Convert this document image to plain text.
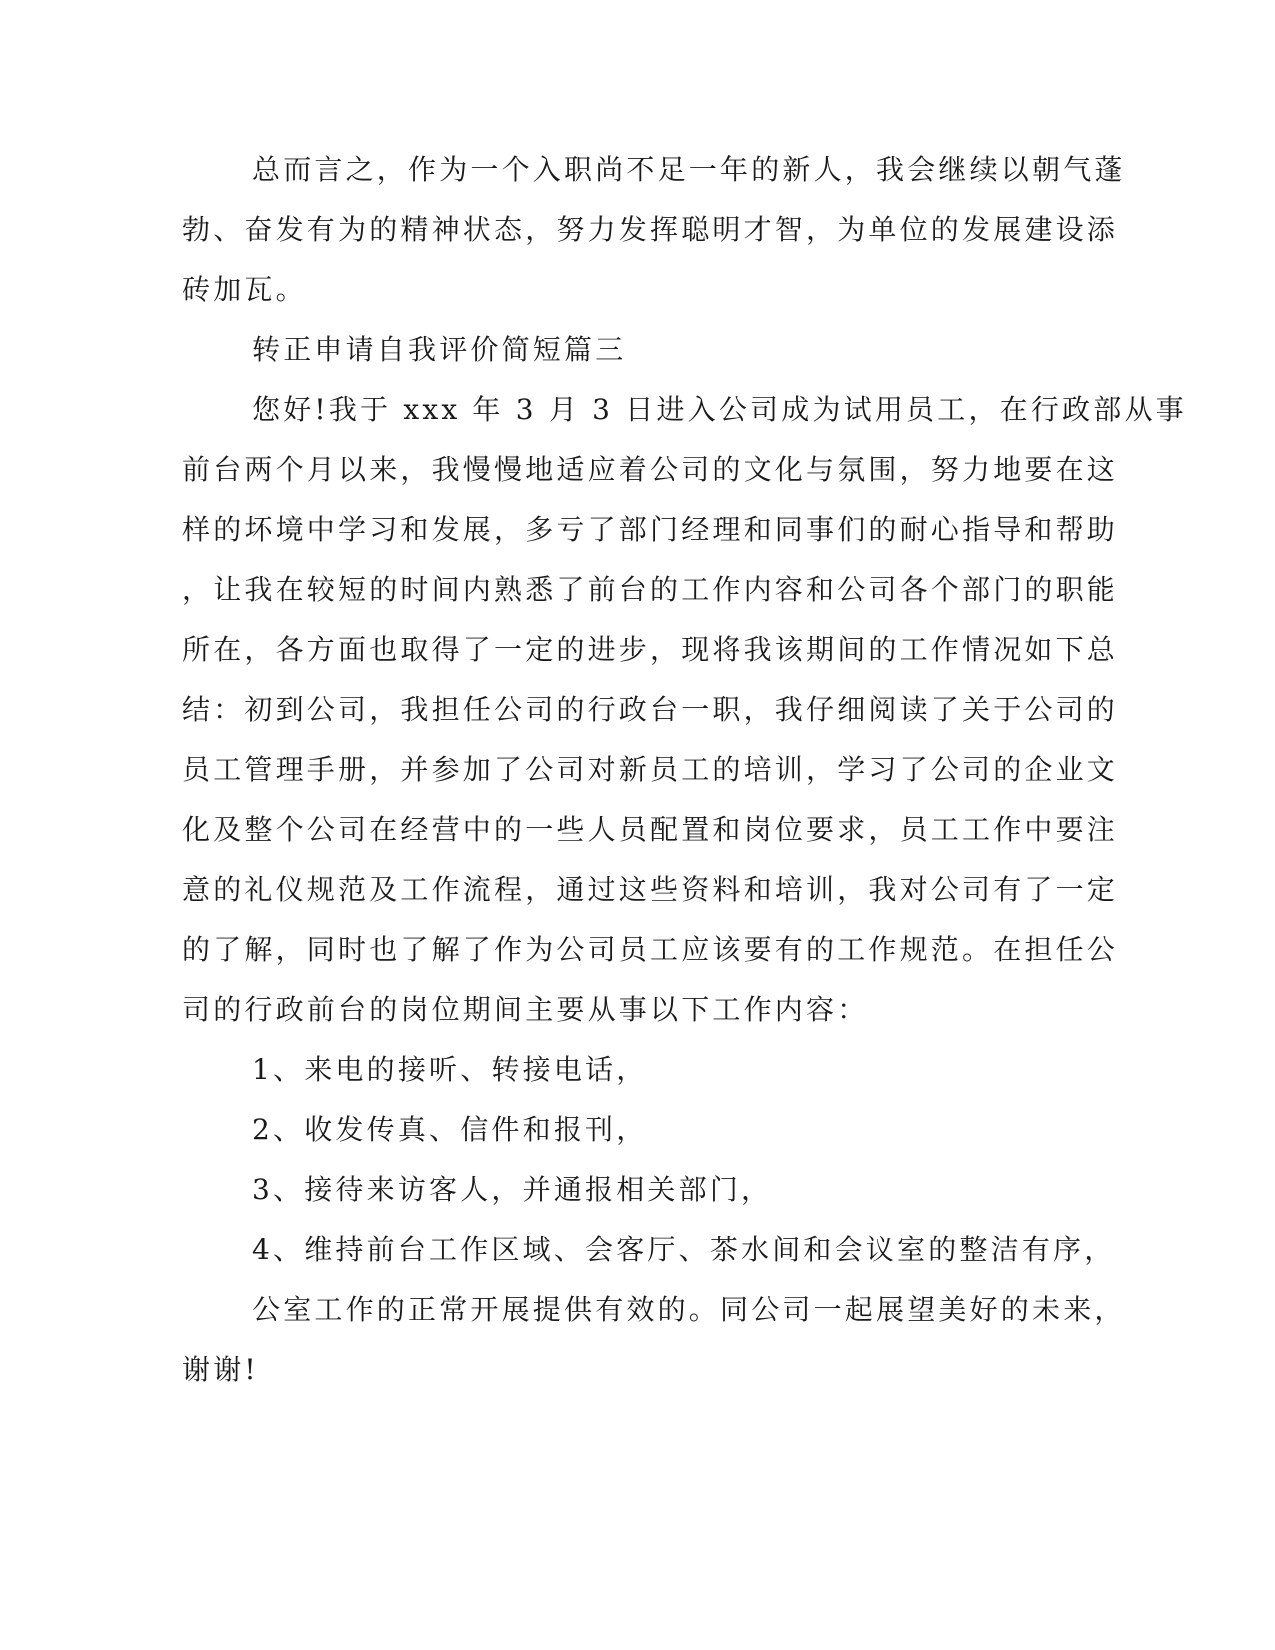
总而言之，作为一个入职尚不足一年的新人，我会继续以朝气蓬
勃、奋发有为的精神状态，努力发挥聪明才智，为单位的发展建设添
砖加瓦。
转正申请自我评价简短篇三
您好!我于 xxx 年 3 月 3 日进入公司成为试用员工，在行政部从事
前台两个月以来，我慢慢地适应着公司的文化与氛围，努力地要在这
样的坏境中学习和发展，多亏了部门经理和同事们的耐心指导和帮助
，让我在较短的时间内熟悉了前台的工作内容和公司各个部门的职能
所在，各方面也取得了一定的进步，现将我该期间的工作情况如下总
结：初到公司，我担任公司的行政台一职，我仔细阅读了关于公司的
员工管理手册，并参加了公司对新员工的培训，学习了公司的企业文
化及整个公司在经营中的一些人员配置和岗位要求，员工工作中要注
意的礼仪规范及工作流程，通过这些资料和培训，我对公司有了一定
的了解，同时也了解了作为公司员工应该要有的工作规范。在担任公
司的行政前台的岗位期间主要从事以下工作内容：
1、来电的接听、转接电话，
2、收发传真、信件和报刊，
3、接待来访客人，并通报相关部门，
4、维持前台工作区域、会客厅、茶水间和会议室的整洁有序，
公室工作的正常开展提供有效的。同公司一起展望美好的未来，
谢谢!
